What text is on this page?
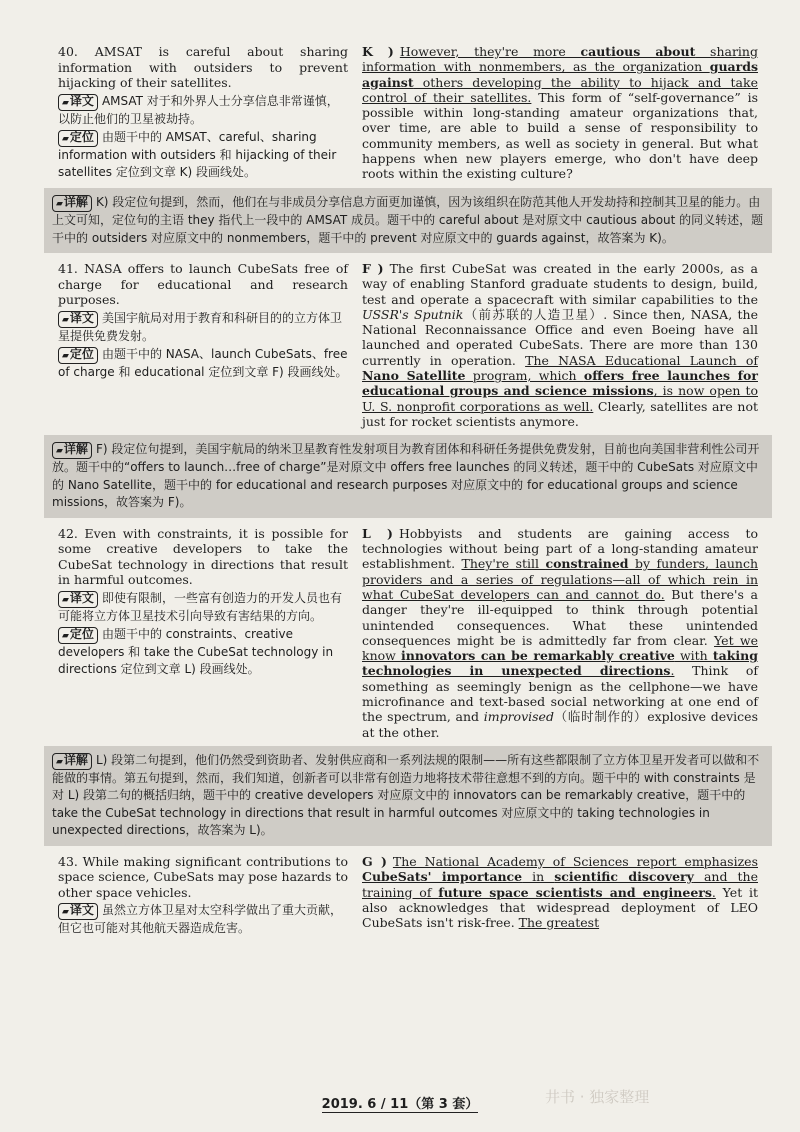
40. AMSAT is careful about sharing information with outsiders to prevent hijacking of their satellites.
▰译文 AMSAT 对于和外界人士分享信息非常谨慎，以防止他们的卫星被劫持。
▰定位 由题干中的 AMSAT、careful、sharing information with outsiders 和 hijacking of their satellites 定位到文章 K) 段画线处。
K ) However, they're more cautious about sharing information with nonmembers, as the organization guards against others developing the ability to hijack and take control of their satellites. This form of “self-governance” is possible within long-standing amateur organizations that, over time, are able to build a sense of responsibility to community members, as well as society in general. But what happens when new players emerge, who don't have deep roots within the existing culture?
▰详解 K) 段定位句提到，然而，他们在与非成员分享信息方面更加谨慎，因为该组织在防范其他人开发劫持和控制其卫星的能力。由上文可知，定位句的主语 they 指代上一段中的 AMSAT 成员。题干中的 careful about 是对原文中 cautious about 的同义转述，题干中的 outsiders 对应原文中的 nonmembers，题干中的 prevent 对应原文中的 guards against，故答案为 K)。
41. NASA offers to launch CubeSats free of charge for educational and research purposes.
▰译文 美国宇航局对用于教育和科研目的的立方体卫星提供免费发射。
▰定位 由题干中的 NASA、launch CubeSats、free of charge 和 educational 定位到文章 F) 段画线处。
F ) The first CubeSat was created in the early 2000s, as a way of enabling Stanford graduate students to design, build, test and operate a spacecraft with similar capabilities to the USSR's Sputnik（前苏联的人造卫星）. Since then, NASA, the National Reconnaissance Office and even Boeing have all launched and operated CubeSats. There are more than 130 currently in operation. The NASA Educational Launch of Nano Satellite program, which offers free launches for educational groups and science missions, is now open to U. S. nonprofit corporations as well. Clearly, satellites are not just for rocket scientists anymore.
▰详解 F) 段定位句提到，美国宇航局的纳米卫星教育性发射项目为教育团体和科研任务提供免费发射，目前也向美国非营利性公司开放。题干中的“offers to launch…free of charge”是对原文中 offers free launches 的同义转述，题干中的 CubeSats 对应原文中的 Nano Satellite，题干中的 for educational and research purposes 对应原文中的 for educational groups and science missions，故答案为 F)。
42. Even with constraints, it is possible for some creative developers to take the CubeSat technology in directions that result in harmful outcomes.
▰译文 即使有限制，一些富有创造力的开发人员也有可能将立方体卫星技术引向导致有害结果的方向。
▰定位 由题干中的 constraints、creative developers 和 take the CubeSat technology in directions 定位到文章 L) 段画线处。
L ) Hobbyists and students are gaining access to technologies without being part of a long-standing amateur establishment. They're still constrained by funders, launch providers and a series of regulations—all of which rein in what CubeSat developers can and cannot do. But there's a danger they're ill-equipped to think through potential unintended consequences. What these unintended consequences might be is admittedly far from clear. Yet we know innovators can be remarkably creative with taking technologies in unexpected directions. Think of something as seemingly benign as the cellphone—we have microfinance and text-based social networking at one end of the spectrum, and improvised（临时制作的）explosive devices at the other.
▰详解 L) 段第二句提到，他们仍然受到资助者、发射供应商和一系列法规的限制——所有这些都限制了立方体卫星开发者可以做和不能做的事情。第五句提到，然而，我们知道，创新者可以非常有创造力地将技术带往意想不到的方向。题干中的 with constraints 是对 L) 段第二句的概括归纳，题干中的 creative developers 对应原文中的 innovators can be remarkably creative，题干中的 take the CubeSat technology in directions that result in harmful outcomes 对应原文中的 taking technologies in unexpected directions，故答案为 L)。
43. While making significant contributions to space science, CubeSats may pose hazards to other space vehicles.
▰译文 虽然立方体卫星对太空科学做出了重大贡献，但它也可能对其他航天器造成危害。
G ) The National Academy of Sciences report emphasizes CubeSats' importance in scientific discovery and the training of future space scientists and engineers. Yet it also acknowledges that widespread deployment of LEO CubeSats isn't risk-free. The greatest
2019. 6 / 11（第 3 套）	井书 · 独家整理
